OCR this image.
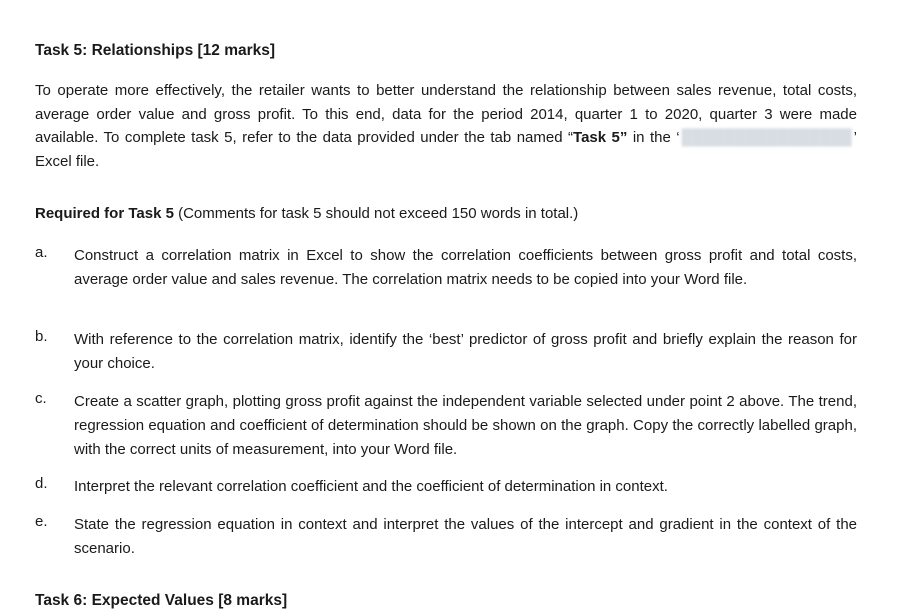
Task 5: Relationships [12 marks]
To operate more effectively, the retailer wants to better understand the relationship between sales revenue, total costs, average order value and gross profit. To this end, data for the period 2014, quarter 1 to 2020, quarter 3 were made available. To complete task 5, refer to the data provided under the tab named “Task 5” in the ‘ ████████████████ ’ Excel file.
Required for Task 5 (Comments for task 5 should not exceed 150 words in total.)
a. Construct a correlation matrix in Excel to show the correlation coefficients between gross profit and total costs, average order value and sales revenue. The correlation matrix needs to be copied into your Word file.
b. With reference to the correlation matrix, identify the ‘best’ predictor of gross profit and briefly explain the reason for your choice.
c. Create a scatter graph, plotting gross profit against the independent variable selected under point 2 above. The trend, regression equation and coefficient of determination should be shown on the graph. Copy the correctly labelled graph, with the correct units of measurement, into your Word file.
d. Interpret the relevant correlation coefficient and the coefficient of determination in context.
e. State the regression equation in context and interpret the values of the intercept and gradient in the context of the scenario.
Task 6: Expected Values [8 marks]
